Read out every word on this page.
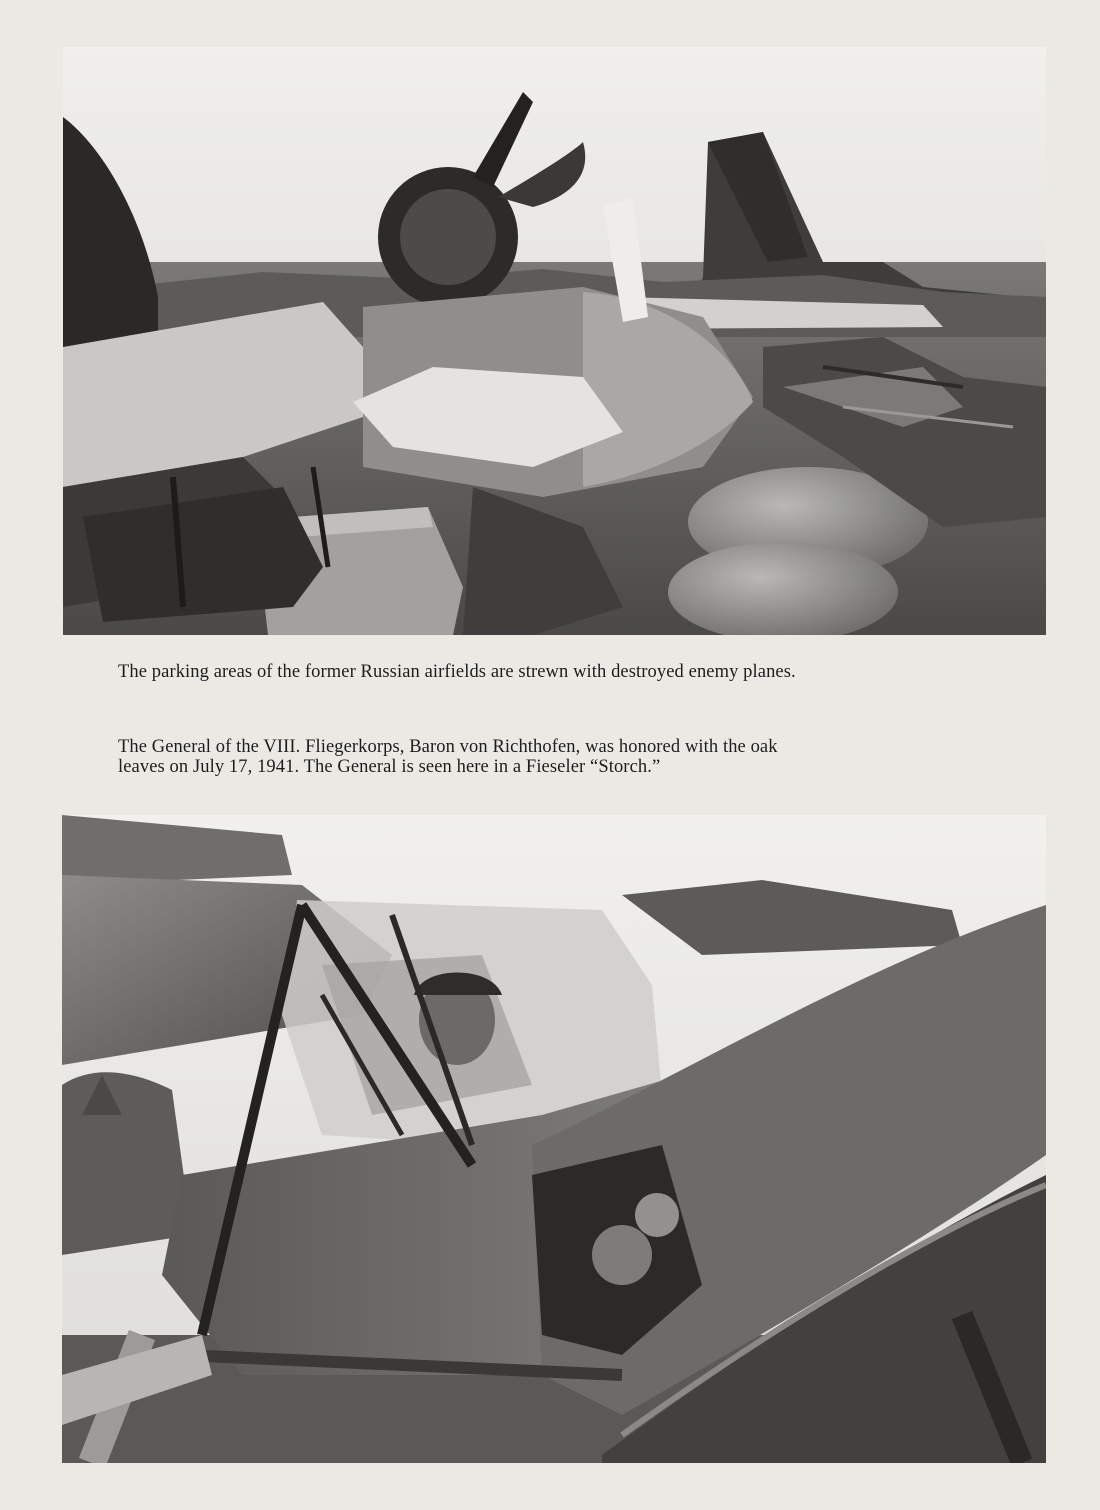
The parking areas of the former Russian airfields are strewn with destroyed enemy planes.

The General of the VIII. Fliegerkorps, Baron von Richthofen, was honored with the oak
leaves on July 17, 1941. The General is seen here in a Fieseler “Storch.”
